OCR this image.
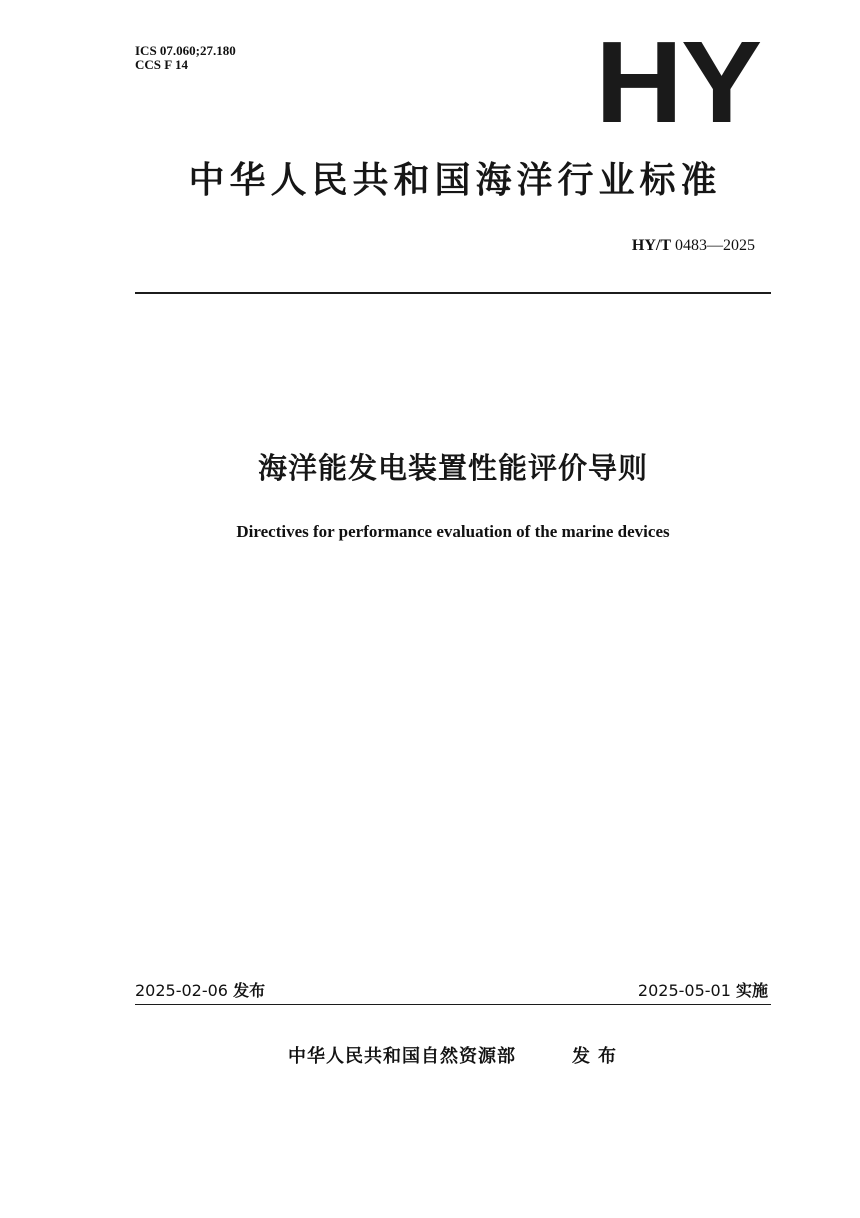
ICS 07.060;27.180
CCS F 14	HY
中华人民共和国海洋行业标准
HY/T 0483—2025
海洋能发电装置性能评价导则
Directives for performance evaluation of the marine devices
2025-02-06 发布	2025-05-01 实施
中华人民共和国自然资源部	发布
